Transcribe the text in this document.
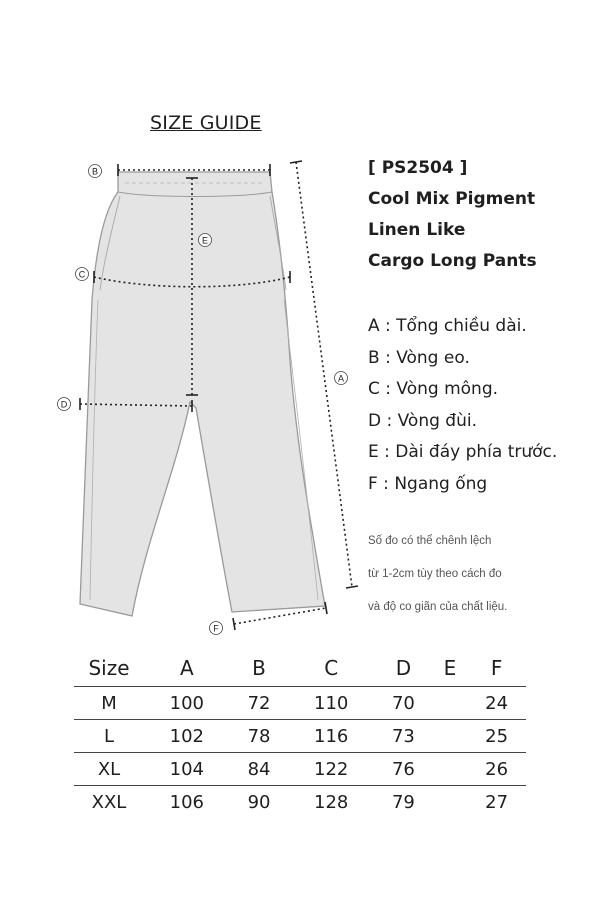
SIZE GUIDE
[ PS2504 ]
Cool Mix Pigment
Linen Like
Cargo Long Pants
A : Tổng chiều dài.
B : Vòng eo.
C : Vòng mông.
D : Vòng đùi.
E : Dài đáy phía trước.
F : Ngang ống
Số đo có thể chênh lệch
từ 1-2cm tùy theo cách đo
và độ co giãn của chất liệu.
B
E
C
D
A
F
Size	A	B	C	D	E	F
M	100	72	110	70		24
L	102	78	116	73		25
XL	104	84	122	76		26
XXL	106	90	128	79		27
